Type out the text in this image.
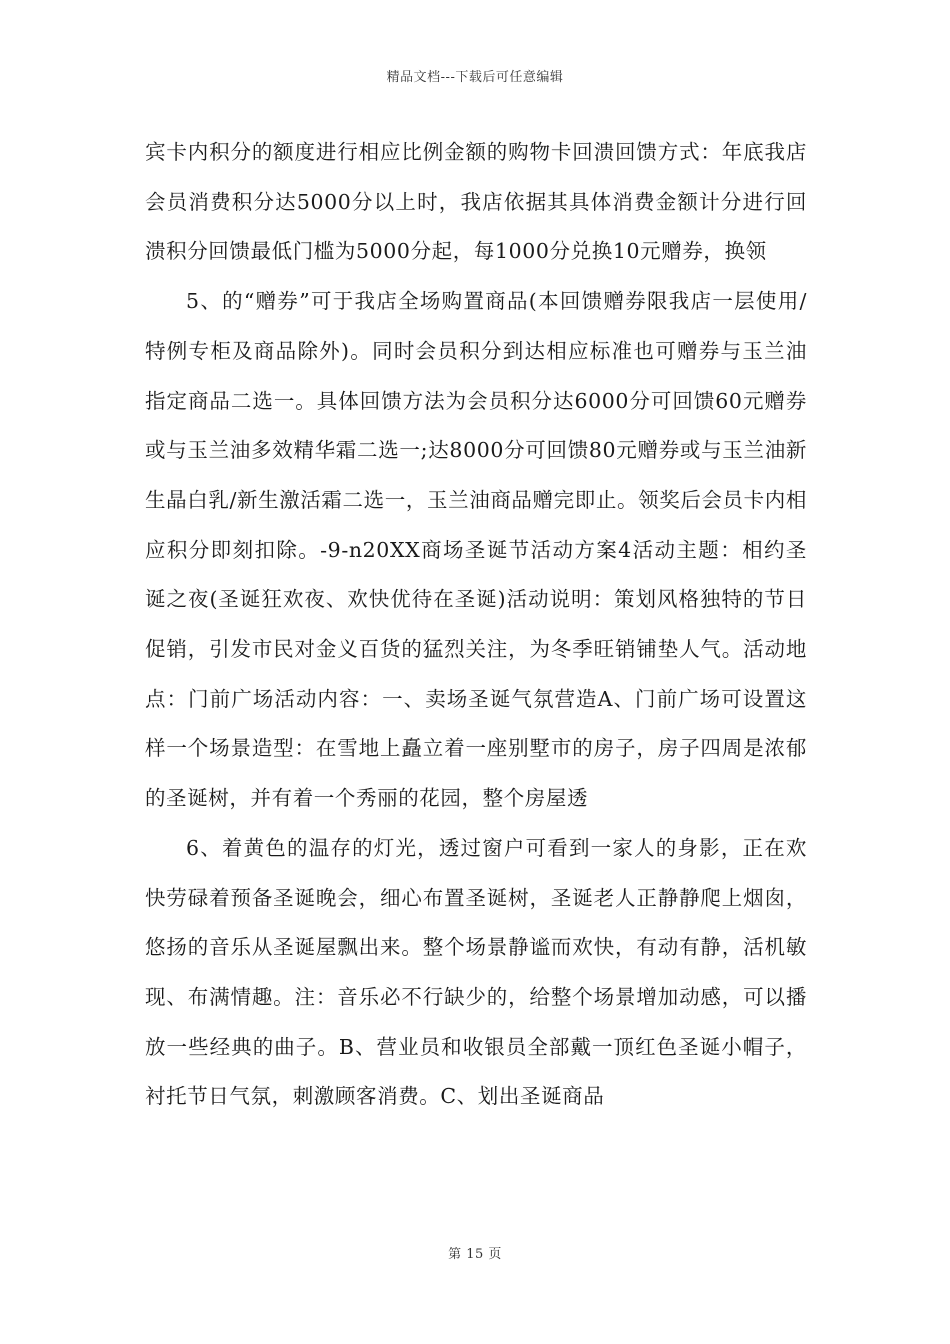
精品文档---下载后可任意编辑

宾卡内积分的额度进行相应比例金额的购物卡回溃回馈方式：年底我店会员消费积分达5000分以上时，我店依据其具体消费金额计分进行回溃积分回馈最低门槛为5000分起，每1000分兑换10元赠券，换领

5、的“赠券”可于我店全场购置商品(本回馈赠券限我店一层使用/特例专柜及商品除外)。同时会员积分到达相应标准也可赠券与玉兰油指定商品二选一。具体回馈方法为会员积分达6000分可回馈60元赠券或与玉兰油多效精华霜二选一;达8000分可回馈80元赠券或与玉兰油新生晶白乳/新生激活霜二选一，玉兰油商品赠完即止。领奖后会员卡内相应积分即刻扣除。-9-n20XX商场圣诞节活动方案4活动主题：相约圣诞之夜(圣诞狂欢夜、欢快优待在圣诞)活动说明：策划风格独特的节日促销，引发市民对金义百货的猛烈关注，为冬季旺销铺垫人气。活动地点：门前广场活动内容：一、卖场圣诞气氛营造A、门前广场可设置这样一个场景造型：在雪地上矗立着一座别墅市的房子，房子四周是浓郁的圣诞树，并有着一个秀丽的花园，整个房屋透

6、着黄色的温存的灯光，透过窗户可看到一家人的身影，正在欢快劳碌着预备圣诞晚会，细心布置圣诞树，圣诞老人正静静爬上烟囱，悠扬的音乐从圣诞屋飘出来。整个场景静谧而欢快，有动有静，活机敏现、布满情趣。注：音乐必不行缺少的，给整个场景增加动感，可以播放一些经典的曲子。B、营业员和收银员全部戴一顶红色圣诞小帽子，衬托节日气氛，刺激顾客消费。C、划出圣诞商品

第 15 页
